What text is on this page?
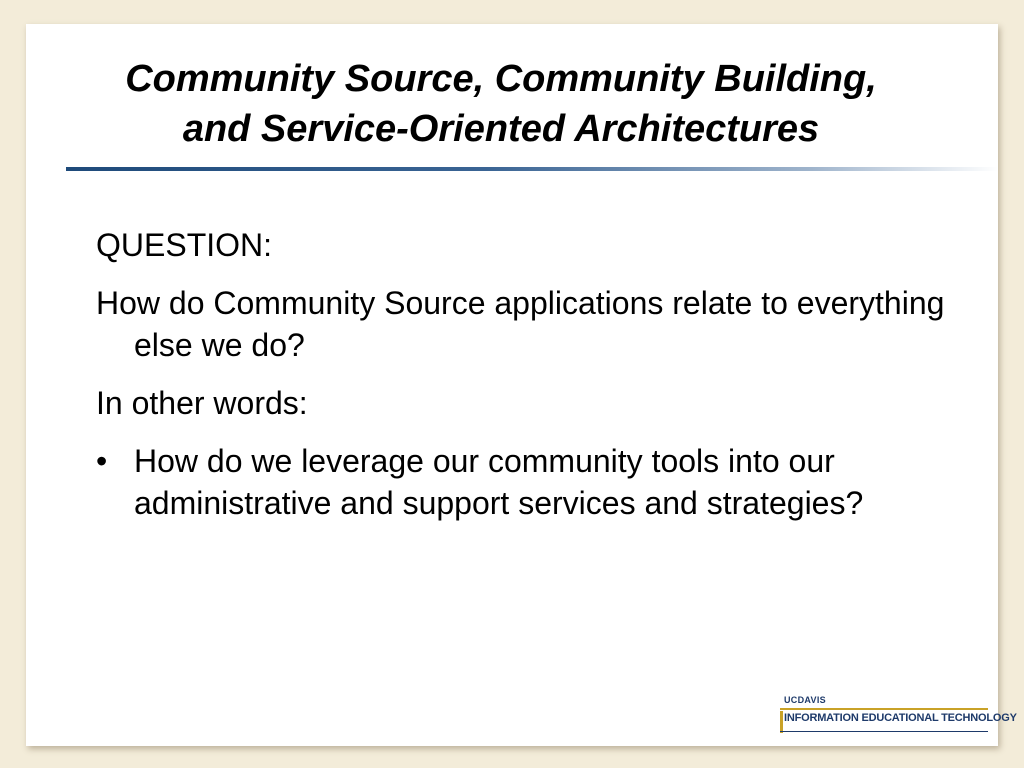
Community Source, Community Building,
and Service-Oriented Architectures

QUESTION:

How do Community Source applications relate to everything else we do?

In other words:

• How do we leverage our community tools into our administrative and support services and strategies?

UCDAVIS
INFORMATION EDUCATIONAL TECHNOLOGY
